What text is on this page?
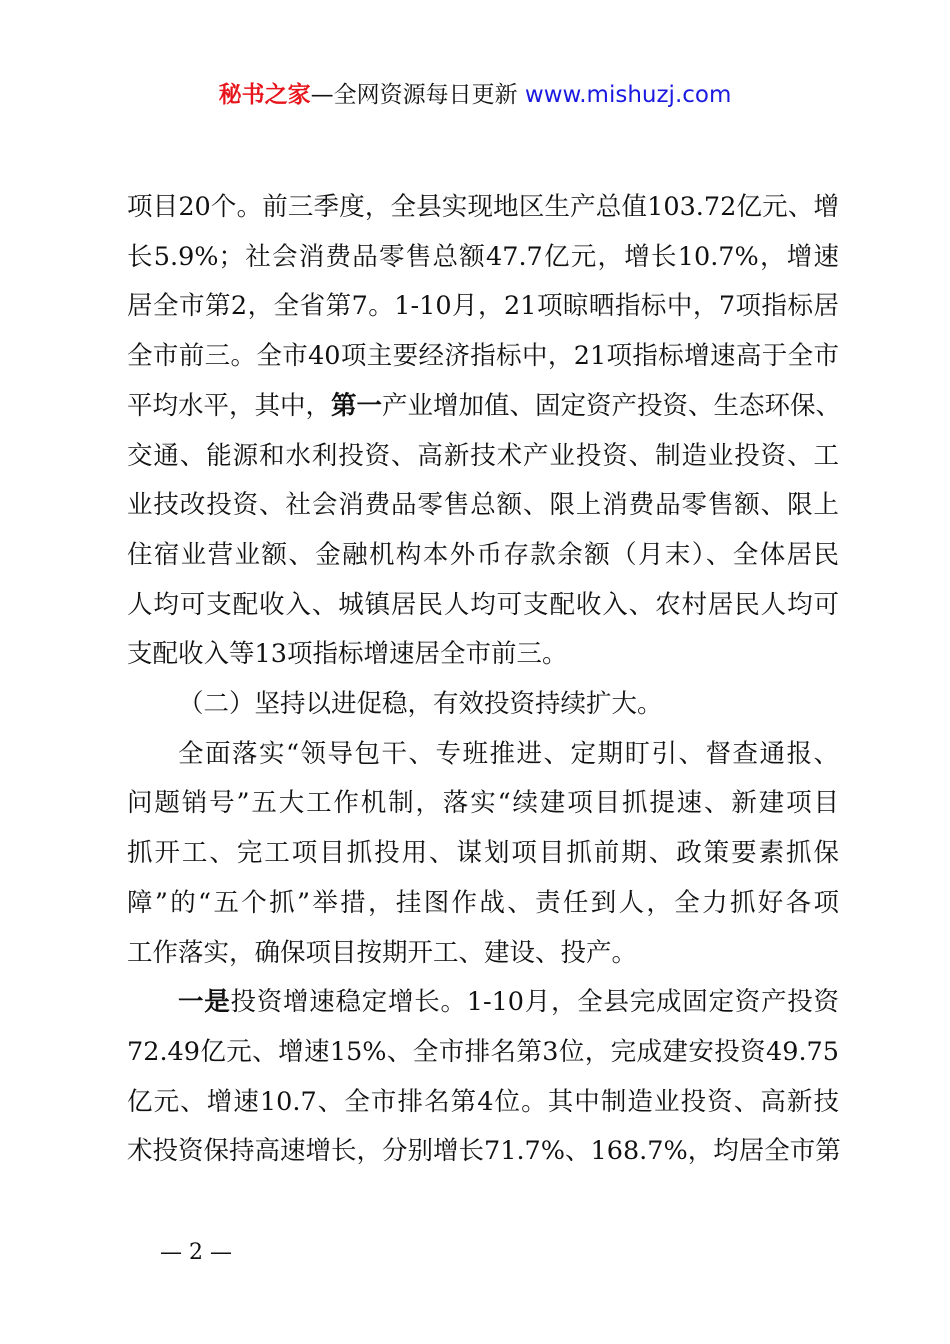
秘书之家—全网资源每日更新 www.mishuzj.com

项目20个。前三季度，全县实现地区生产总值103.72亿元、增
长5.9%；社会消费品零售总额47.7亿元，增长10.7%，增速
居全市第2，全省第7。1-10月，21项晾晒指标中，7项指标居
全市前三。全市40项主要经济指标中，21项指标增速高于全市
平均水平，其中，第一产业增加值、固定资产投资、生态环保、
交通、能源和水利投资、高新技术产业投资、制造业投资、工
业技改投资、社会消费品零售总额、限上消费品零售额、限上
住宿业营业额、金融机构本外币存款余额（月末）、全体居民
人均可支配收入、城镇居民人均可支配收入、农村居民人均可
支配收入等13项指标增速居全市前三。

（二）坚持以进促稳，有效投资持续扩大。

全面落实“领导包干、专班推进、定期盯引、督查通报、
问题销号”五大工作机制，落实“续建项目抓提速、新建项目
抓开工、完工项目抓投用、谋划项目抓前期、政策要素抓保
障”的“五个抓”举措，挂图作战、责任到人，全力抓好各项
工作落实，确保项目按期开工、建设、投产。

一是投资增速稳定增长。1-10月，全县完成固定资产投资
72.49亿元、增速15%、全市排名第3位，完成建安投资49.75
亿元、增速10.7、全市排名第4位。其中制造业投资、高新技
术投资保持高速增长，分别增长71.7%、168.7%，均居全市第

— 2 —
